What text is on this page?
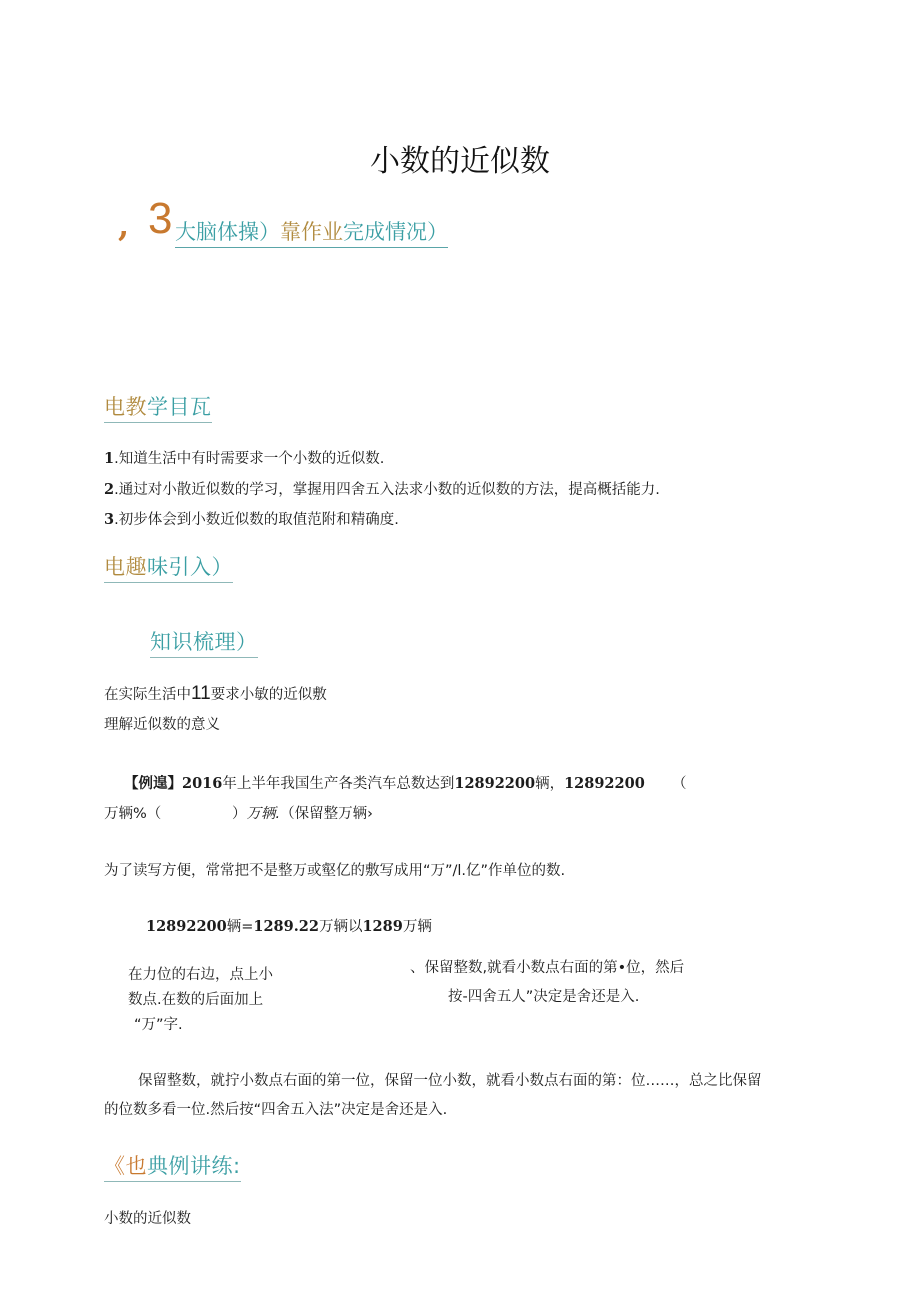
小数的近似数
, 3 大脑体操）靠作业完成情况）
电教学目瓦
1.知道生活中有时需要求一个小数的近似数.
2.通过对小散近似数的学习，掌握用四舍五入法求小数的近似数的方法，提高概括能力.
3.初步体会到小数近似数的取值范附和精确度.
电趣味引入）
知识梳理）
在实际生活中11要求小敏的近似敷
理解近似数的意义
【例遑】2016年上半年我国生产各类汽车总数达到12892200辆，12892200 （
万辆%（	）万辆.（保留整万辆›
为了读写方便，常常把不是整万或壑亿的敷写成用“万”/l.亿”作单位的数.
12892200辆=1289.22万辆以1289万辆
在力位的右边，点上小
数点.在数的后面加上
“万”字.
、保留整数,就看小数点右面的第•位，然后
按-四舍五人”决定是舍还是入.
保留整数，就拧小数点右面的第一位，保留一位小数，就看小数点右面的第：位……，总之比保留
的位数多看一位.然后按“四舍五入法”决定是舍还是入.
《也典例讲练:
小数的近似数
